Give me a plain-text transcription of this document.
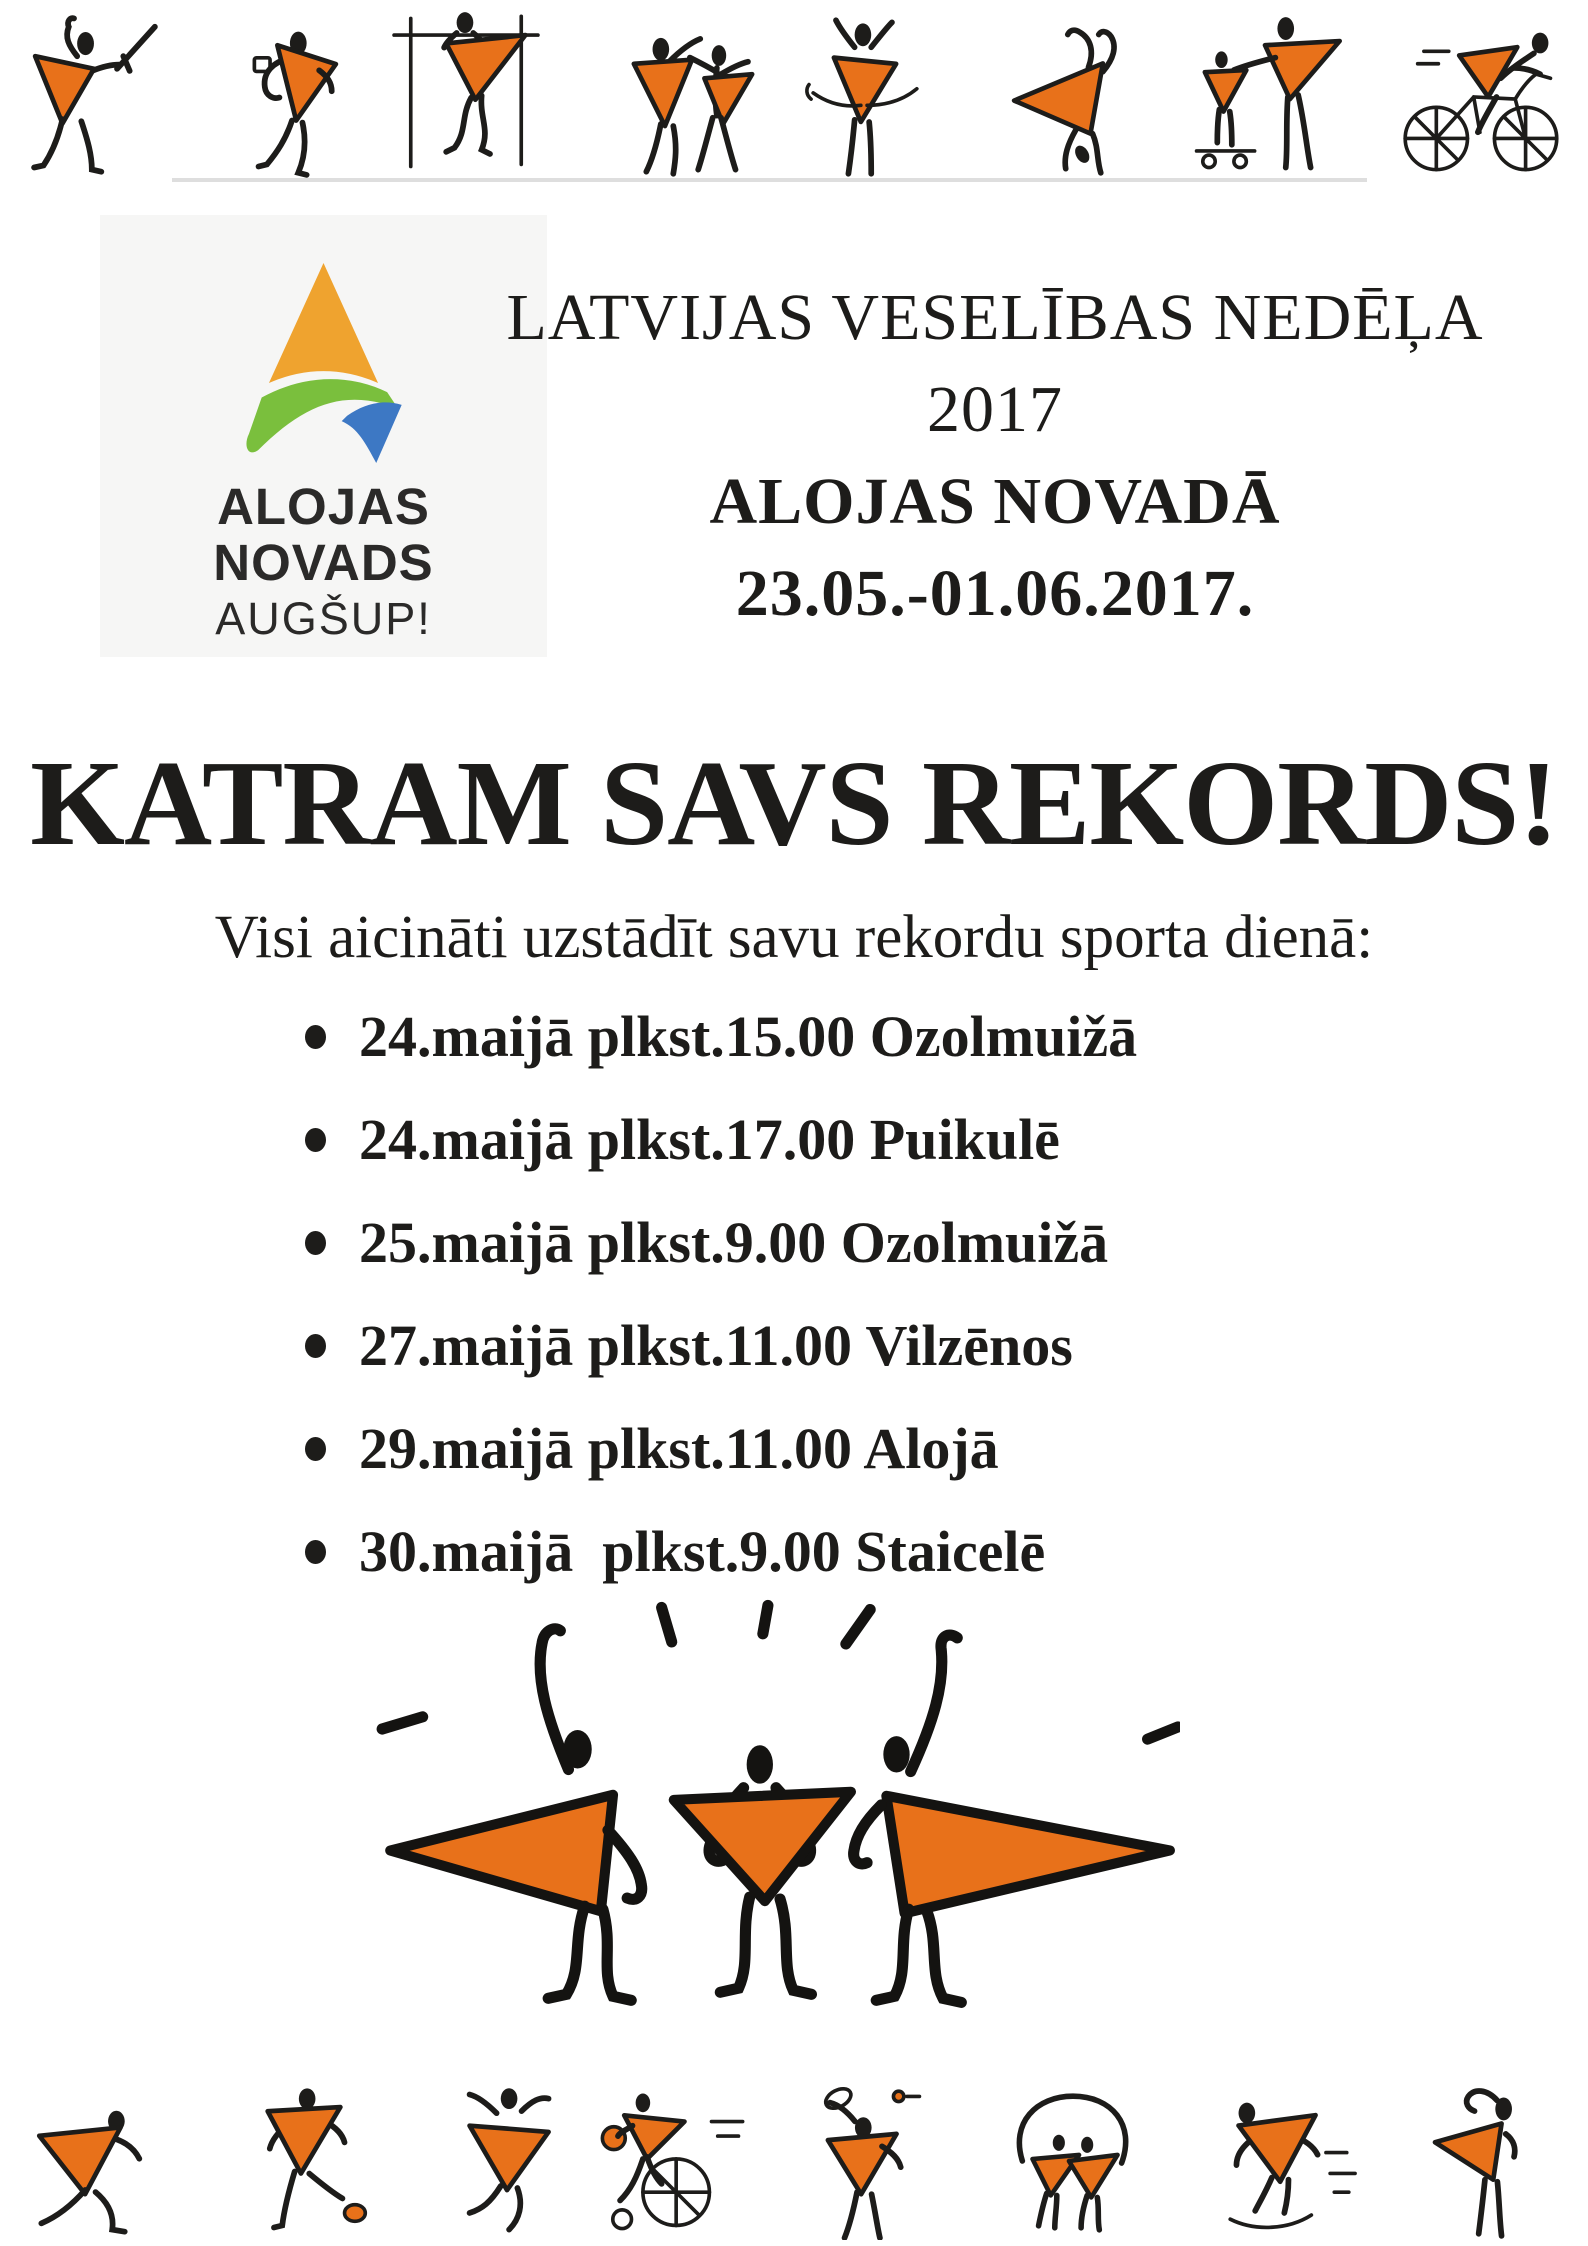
ALOJAS NOVADS
AUGŠUP!
LATVIJAS VESELĪBAS NEDĒĻA
2017
ALOJAS NOVADĀ
23.05.-01.06.2017.
KATRAM SAVS REKORDS!
Visi aicināti uzstādīt savu rekordu sporta dienā:
24.maijā plkst.15.00 Ozolmuižā
24.maijā plkst.17.00 Puikulē
25.maijā plkst.9.00 Ozolmuižā
27.maijā plkst.11.00 Vilzēnos
29.maijā plkst.11.00 Alojā
30.maijā  plkst.9.00 Staicelē
